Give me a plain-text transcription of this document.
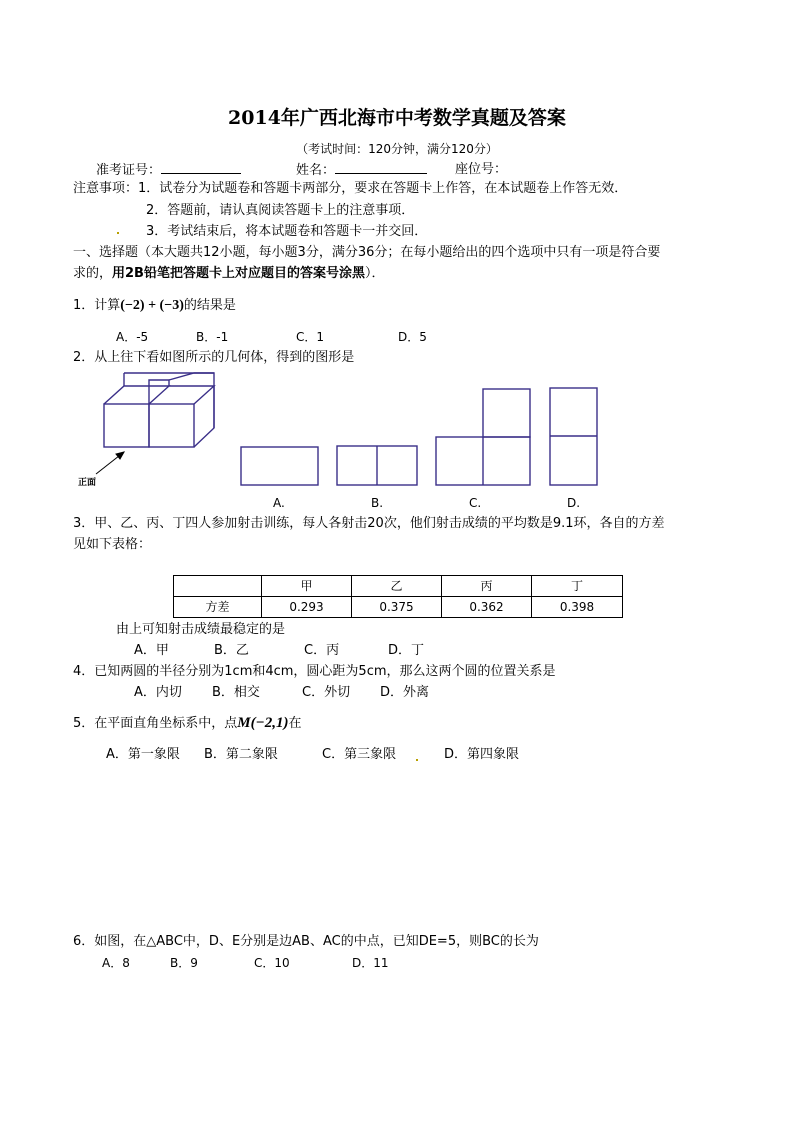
2014年广西北海市中考数学真题及答案
（考试时间：120分钟，满分120分）
准考证号：	姓名：	座位号：
注意事项：1．试卷分为试题卷和答题卡两部分，要求在答题卡上作答，在本试题卷上作答无效．
2．答题前，请认真阅读答题卡上的注意事项．
3．考试结束后，将本试题卷和答题卡一并交回．
一、选择题（本大题共12小题，每小题3分，满分36分；在每小题给出的四个选项中只有一项是符合要
求的，用2B铅笔把答题卡上对应题目的答案号涂黑）．
1．计算(−2) + (−3)的结果是
A．-5	B．-1	C．1	D．5
2．从上往下看如图所示的几何体，得到的图形是
正面
A.	B.	C.	D.
3．甲、乙、丙、丁四人参加射击训练，每人各射击20次，他们射击成绩的平均数是9.1环，各自的方差
见如下表格：
	甲	乙	丙	丁
方差	0.293	0.375	0.362	0.398
由上可知射击成绩最稳定的是
A．甲	B．乙	C．丙	D．丁
4．已知两圆的半径分别为1cm和4cm，圆心距为5cm，那么这两个圆的位置关系是
A．内切 B．相交	C．外切 D．外离
5．在平面直角坐标系中，点M(−2,1)在
A．第一象限 B．第二象限	C．第三象限	D．第四象限
6．如图，在△ABC中，D、E分别是边AB、AC的中点，已知DE=5，则BC的长为
A．8	B．9	C．10	D．11
